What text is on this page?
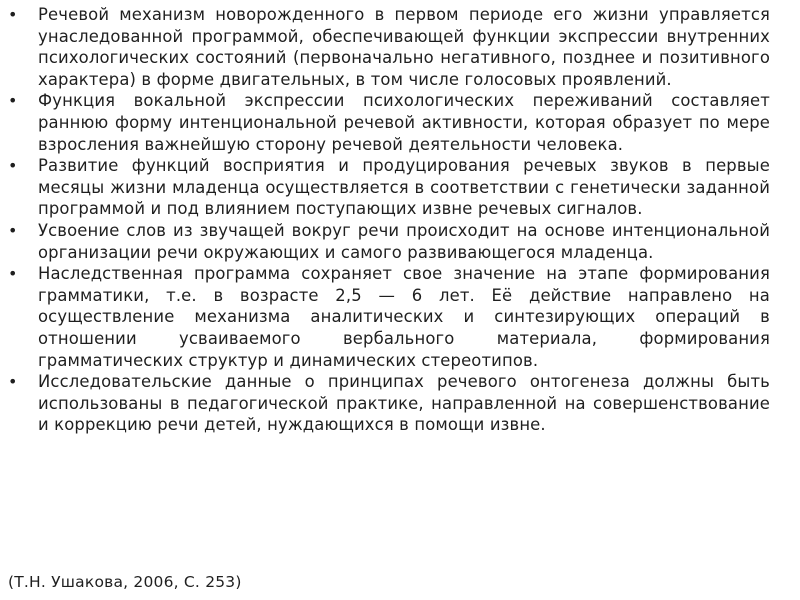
• Речевой механизм новорожденного в первом периоде его жизни управляется унаследованной программой, обеспечивающей функции экспрессии внутренних психологических состояний (первоначально негативного, позднее и позитивного характера) в форме двигательных, в том числе голосовых проявлений.
• Функция вокальной экспрессии психологических переживаний составляет раннюю форму интенциональной речевой активности, которая образует по мере взросления важнейшую сторону речевой деятельности человека.
• Развитие функций восприятия и продуцирования речевых звуков в первые месяцы жизни младенца осуществляется в соответствии с генетически заданной программой и под влиянием поступающих извне речевых сигналов.
• Усвоение слов из звучащей вокруг речи происходит на основе интенциональной организации речи окружающих и самого развивающегося младенца.
• Наследственная программа сохраняет свое значение на этапе формирования грамматики, т.е. в возрасте 2,5 — 6 лет. Её действие направлено на осуществление механизма аналитических и синтезирующих операций в отношении усваиваемого вербального материала, формирования грамматических структур и динамических стереотипов.
• Исследовательские данные о принципах речевого онтогенеза должны быть использованы в педагогической практике, направленной на совершенствование и коррекцию речи детей, нуждающихся в помощи извне.
(Т.Н. Ушакова, 2006, С. 253)
